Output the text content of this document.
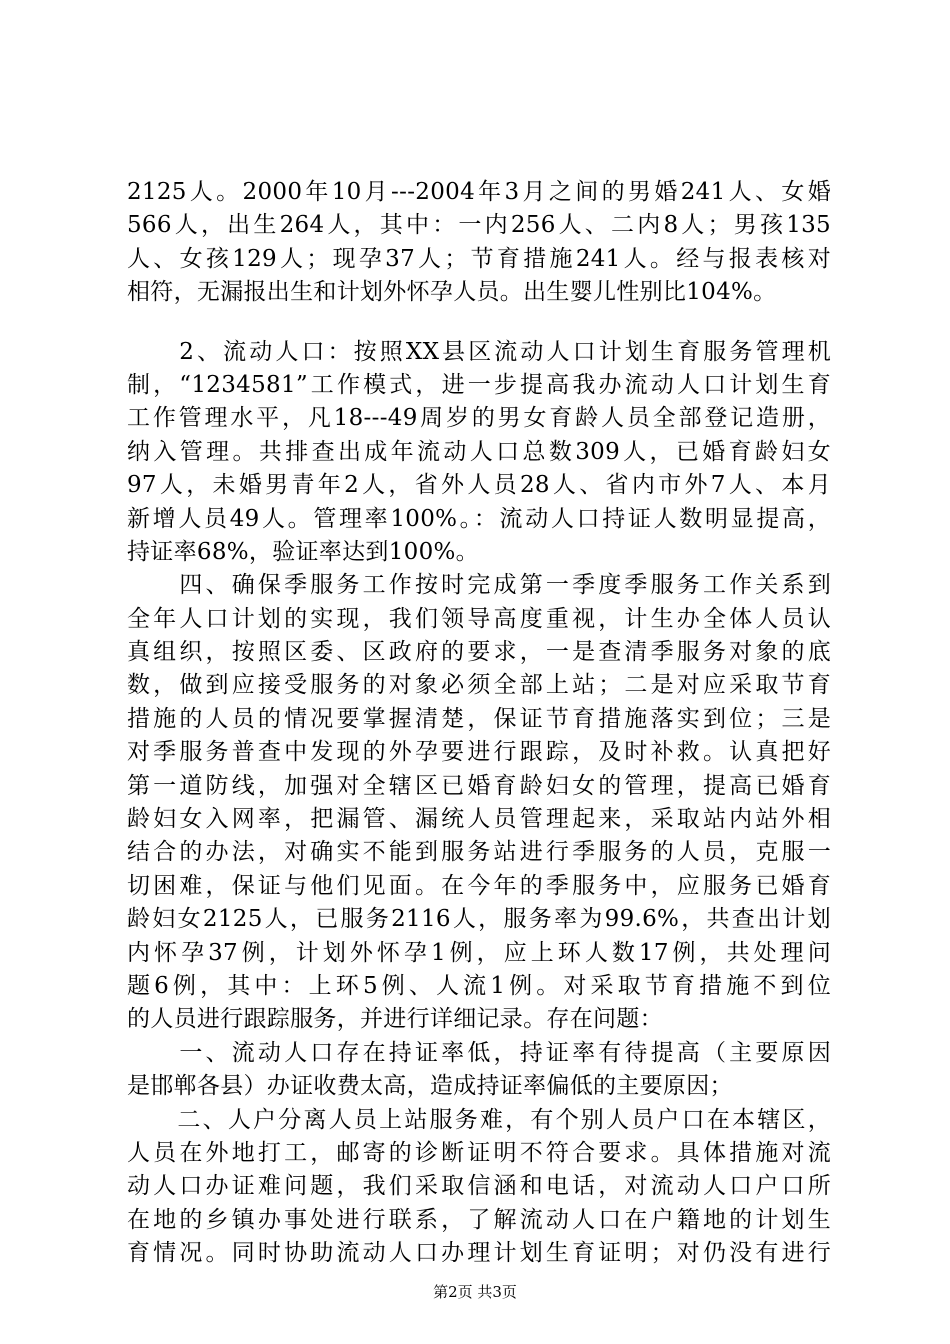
2125人。2000年10月---2004年3月之间的男婚241人、女婚
566人，出生264人，其中：一内256人、二内8人；男孩135
人、女孩129人；现孕37人；节育措施241人。经与报表核对
相符，无漏报出生和计划外怀孕人员。出生婴儿性别比104%。
　　2、流动人口：按照XX县区流动人口计划生育服务管理机
制，“1234581”工作模式，进一步提高我办流动人口计划生育
工作管理水平，凡18---49周岁的男女育龄人员全部登记造册，
纳入管理。共排查出成年流动人口总数309人，已婚育龄妇女
97人，未婚男青年2人，省外人员28人、省内市外7人、本月
新增人员49人。管理率100%。：流动人口持证人数明显提高，
持证率68%，验证率达到100%。
　　四、确保季服务工作按时完成第一季度季服务工作关系到
全年人口计划的实现，我们领导高度重视，计生办全体人员认
真组织，按照区委、区政府的要求，一是查清季服务对象的底
数，做到应接受服务的对象必须全部上站；二是对应采取节育
措施的人员的情况要掌握清楚，保证节育措施落实到位；三是
对季服务普查中发现的外孕要进行跟踪，及时补救。认真把好
第一道防线，加强对全辖区已婚育龄妇女的管理，提高已婚育
龄妇女入网率，把漏管、漏统人员管理起来，采取站内站外相
结合的办法，对确实不能到服务站进行季服务的人员，克服一
切困难，保证与他们见面。在今年的季服务中，应服务已婚育
龄妇女2125人，已服务2116人，服务率为99.6%，共查出计划
内怀孕37例，计划外怀孕1例，应上环人数17例，共处理问
题6例，其中：上环5例、人流1例。对采取节育措施不到位
的人员进行跟踪服务，并进行详细记录。存在问题：
　　一、流动人口存在持证率低，持证率有待提高（主要原因
是邯郸各县）办证收费太高，造成持证率偏低的主要原因；
　　二、人户分离人员上站服务难，有个别人员户口在本辖区，
人员在外地打工，邮寄的诊断证明不符合要求。具体措施对流
动人口办证难问题，我们采取信涵和电话，对流动人口户口所
在地的乡镇办事处进行联系，了解流动人口在户籍地的计划生
育情况。同时协助流动人口办理计划生育证明；对仍没有进行
第2页 共3页
